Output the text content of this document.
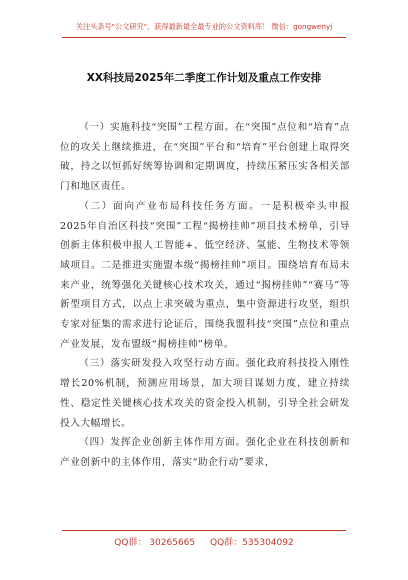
关注头条号"公文研究"，获得最新最全最专业的公文资料库！ 微信：gongwenyj
XX科技局2025年二季度工作计划及重点工作安排

（一）实施科技“突围”工程方面。在“突围”点位和“培育”点位的攻关上继续推进，在“突围”平台和“培育”平台创建上取得突破，持之以恒抓好统筹协调和定期调度，持续压紧压实各相关部门和地区责任。

（二）面向产业布局科技任务方面。一是积极牵头申报2025年自治区科技“突围”工程“揭榜挂帅”项目技术榜单，引导创新主体积极申报人工智能+、低空经济、氢能、生物技术等领域项目。二是推进实施盟本级“揭榜挂帅”项目。围绕培育布局未来产业，统筹强化关键核心技术攻关，通过“揭榜挂帅”“赛马”等新型项目方式，以点上求突破为重点，集中资源进行攻坚，组织专家对征集的需求进行论证后，围绕我盟科技“突围”点位和重点产业发展，发布盟级“揭榜挂帅”榜单。

（三）落实研发投入攻坚行动方面。强化政府科技投入刚性增长20%机制，预测应用场景，加大项目谋划力度，建立持续性、稳定性关键核心技术攻关的资金投入机制，引导全社会研发投入大幅增长。

（四）发挥企业创新主体作用方面。强化企业在科技创新和产业创新中的主体作用，落实“助企行动”要求，

QQ群： 30265665 QQ群：535304092
